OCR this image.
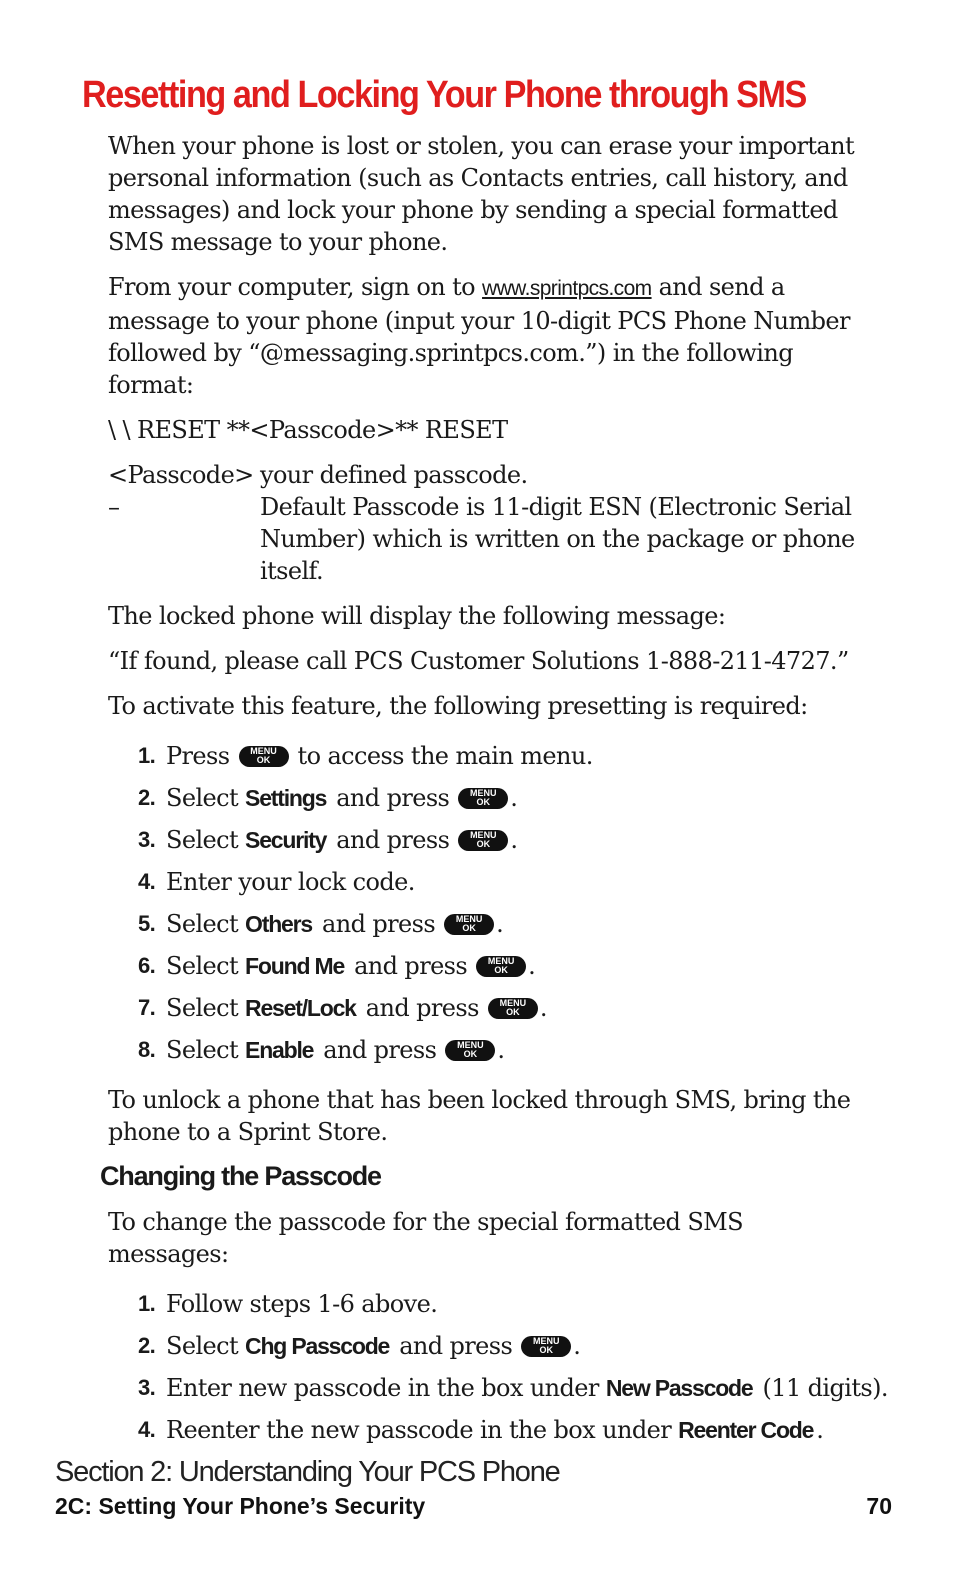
Resetting and Locking Your Phone through SMS

When your phone is lost or stolen, you can erase your important personal information (such as Contacts entries, call history, and messages) and lock your phone by sending a special formatted SMS message to your phone.

From your computer, sign on to www.sprintpcs.com and send a message to your phone (input your 10-digit PCS Phone Number followed by “@messaging.sprintpcs.com.”) in the following format:

\ \ RESET **<Passcode>** RESET

<Passcode> –

your defined passcode.

Default Passcode is 11-digit ESN (Electronic Serial Number) which is written on the package or phone itself.

The locked phone will display the following message:

“If found, please call PCS Customer Solutions 1-888-211-4727.”

To activate this feature, the following presetting is required:

1. Press
MENU
OK
to access the main menu.
2. Select
Settings
and press
MENU
OK .
3. Select
Security
and press
MENU
OK .
4. Enter your lock code.
5. Select
Others
and press
MENU
OK .
6. Select
Found Me
and press
MENU
OK .
7. Select
Reset/Lock
and press
MENU
OK .
8. Select
Enable
and press
MENU
OK .

To unlock a phone that has been locked through SMS, bring the phone to a Sprint Store.

Changing the Passcode

To change the passcode for the special formatted SMS messages:

1. Follow steps 1-6 above.
2. Select
Chg Passcode
and press
MENU
OK .
3. Enter new passcode in the box under
New Passcode
(11 digits).
4. Reenter the new passcode in the box under
Reenter Code .
Section 2: Understanding Your PCS Phone
2C: Setting Your Phone’s Security	70
